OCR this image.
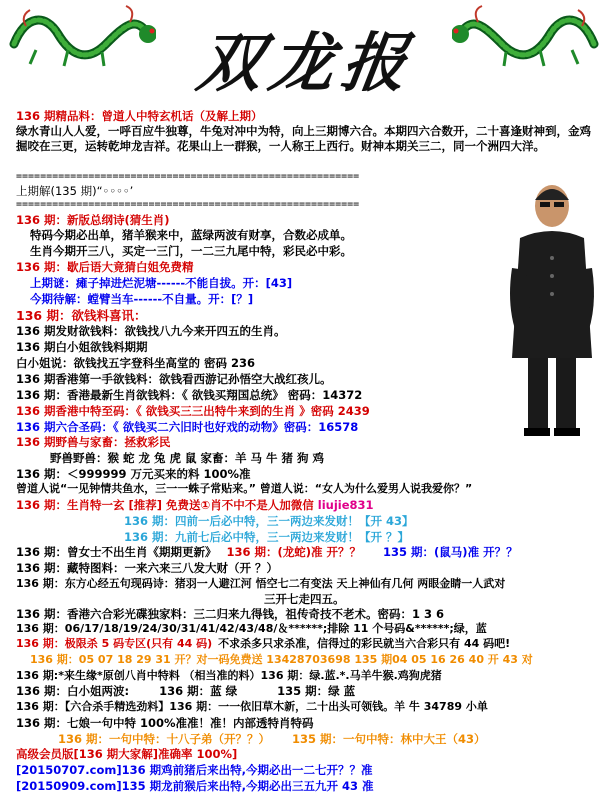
双龙报
136 期精品料：曾道人中特玄机话（及解上期）
绿水青山人人爱，一呼百应牛独尊，牛兔对冲中为特，向上三期博六合。本期四六合数开，二十喜逢财神到，金鸡掘咬在三更，运转乾坤龙吉祥。花果山上一群猴，一人称王上西行。财神本期关三二，同一个洲四大洋。
=========================================================
上期解(135 期)“◦◦◦◦’
=========================================================
136 期：新版总纲诗(猜生肖)
特码今期必出单，猪羊猴来中，蓝绿两波有财享，合数必成单。
生肖今期开三八，买定一三门，一二三九尾中特，彩民必中彩。
136 期：歇后语大竟猜白姐免费精
上期谜：瘫子掉进烂泥塘------不能自拔。开：[43]
今期待解：螳臂当车------不自量。开：[？]
136 期：欲钱料喜讯：
136 期发财欲钱料：欲钱找八九今来开四五的生肖。
136 期白小姐欲钱料期期
白小姐说：欲钱找五字登科坐高堂的 密码 236
136 期香港第一手欲钱料：欲钱看西游记孙悟空大战红孩儿。
136 期：香港最新生肖欲钱料：《 欲钱买翔国总统》 密码：14372
136 期香港中特至码：《 欲钱买三三出特牛来到的生肖 》密码 2439
136 期六合圣码：《 欲钱买二六旧时也好戏的动物》密码：16578
136 期野兽与家畜：拯救彩民
野兽野兽：猴 蛇 龙 兔 虎 鼠 家畜：羊 马 牛 猪 狗 鸡
136 期：＜999999 万元买来的料 100%准
曾道人说“一见钟情共鱼水，三一一蛛子常贴来。” 曾道人说：“女人为什么爱男人说我爱你？”
136 期：生肖特一玄 [推荐] 免费送①肖不中不是人加微信 liujie831
136 期：四前一后必中特，三一两边来发财！【开 43】
136 期：九前七后必中特，三一两边来发财！【开 ？】
136 期：曾女士不出生肖《期期更新》 136 期：(龙蛇)准 开？？ 135 期：(鼠马)准 开？？
136 期：藏特图料：一来六来三八发大财（开 ？）
136 期：东方心经五句现码诗：猪羽一人避江河 悟空七二有变法 天上神仙有几何 两眼金睛一人武对
三开七走四五。
136 期：香港六合彩光碟独家料：三二归来九得钱，祖传奇技不老术。密码：1 3 6
136 期：06/17/18/19/24/30/31/41/42/43/48/＆******;排除 11 个号码&******;绿，蓝
136 期：极限杀 5 码专区(只有 44 码) 不求杀多只求杀准，信得过的彩民就当六合彩只有 44 码吧!
136 期：05 07 18 29 31 开？对一码免费送 13428703698 135 期04 05 16 26 40 开 43 对
136 期:*来生缘*原创八肖中特料 （相当准的料）136 期：绿.蓝.*.马羊牛猴.鸡狗虎猪
136 期：白小姐两波:	136 期：蓝 绿	135 期：绿 蓝
136 期：【六合杀手精选劲料】136 期：一一依旧草木新，二十出头可领钱。羊 牛 34789 小单
136 期：七娘一句中特 100%准准！准！内部透特肖特码
136 期：一句中特：十八子弟（开？？） 135 期：一句中特：林中大王（43）
高级会员版[136 期大家解]准确率 100%]
[20150707.com]136 期鸡前猪后来出特,今期必出一二七开？？准
[20150909.com]135 期龙前猴后来出特,今期必出三五九开 43 准
